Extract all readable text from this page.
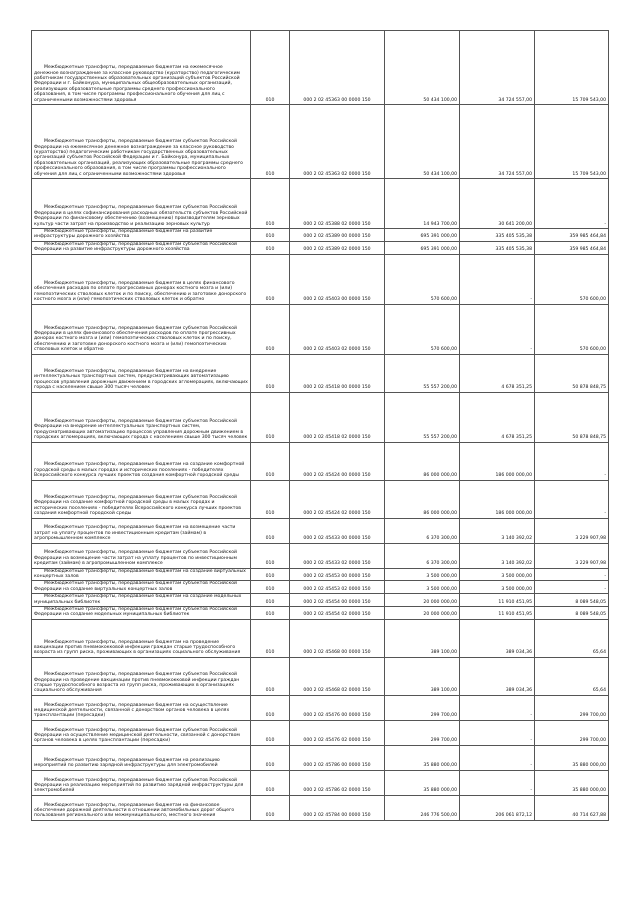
Межбюджетные трансферты, передаваемые бюджетам на ежемесячное денежное вознаграждение за классное руководство (кураторство) педагогическим работникам государственных образовательных организаций субъектов Российской Федерации и г. Байконура, муниципальных общеобразовательных организаций, реализующих образовательные программы среднего профессионального образования, в том числе программы профессионального обучения для лиц с ограниченными возможностями здоровья	010	000 2 02 45363 00 0000 150	50 434 100,00	34 724 557,00	15 709 543,00

Межбюджетные трансферты, передаваемые бюджетам субъектов Российской Федерации на ежемесячное денежное вознаграждение за классное руководство (кураторство) педагогическим работникам государственных образовательных организаций субъектов Российской Федерации и г. Байконура, муниципальных образовательных организаций, реализующих образовательные программы среднего профессионального образования, в том числе программы профессионального обучения для лиц с ограниченными возможностями здоровья	010	000 2 02 45363 02 0000 150	50 434 100,00	34 724 557,00	15 709 543,00

Межбюджетные трансферты, передаваемые бюджетам субъектов Российской Федерации в целях софинансирования расходных обязательств субъектов Российской Федерации по финансовому обеспечению (возмещению) производителям зерновых культур части затрат на производство и реализацию зерновых культур	010	000 2 02 45388 02 0000 150	14 943 700,00	30 641 200,00	-

Межбюджетные трансферты, передаваемые бюджетам на развитие инфраструктуры дорожного хозяйства	010	000 2 02 45389 00 0000 150	695 391 000,00	335 405 535,38	359 985 464,84

Межбюджетные трансферты, передаваемые бюджетам субъектов Российской Федерации на развитие инфраструктуры дорожного хозяйства	010	000 2 02 45389 02 0000 150	695 391 000,00	335 405 535,38	359 985 464,84

Межбюджетные трансферты, передаваемые бюджетам в целях финансового обеспечения расходов по оплате прогрессивных донорах костного мозга и (или) гемопоэтических стволовых клеток и по поиску, обеспечению и заготовке донорского костного мозга и (или) гемопоэтических стволовых клеток и обратно	010	000 2 02 45403 00 0000 150	570 600,00	-	570 600,00

Межбюджетные трансферты, передаваемые бюджетам субъектов Российской Федерации в целях финансового обеспечения расходов по оплате прогрессивных донорах костного мозга и (или) гемопоэтических стволовых клеток и по поиску, обеспечению и заготовке донорского костного мозга и (или) гемопоэтических стволовых клеток и обратно	010	000 2 02 45403 02 0000 150	570 600,00	-	570 600,00

Межбюджетные трансферты, передаваемые бюджетам на внедрение интеллектуальных транспортных систем, предусматривающих автоматизацию процессов управления дорожным движением в городских агломерациях, включающих города с населением свыше 300 тысяч человек	010	000 2 02 45418 00 0000 150	55 557 200,00	4 678 351,25	50 878 848,75

Межбюджетные трансферты, передаваемые бюджетам субъектов Российской Федерации на внедрение интеллектуальных транспортных систем, предусматривающих автоматизацию процессов управления дорожным движением в городских агломерациях, включающих города с населением свыше 300 тысяч человек	010	000 2 02 45418 02 0000 150	55 557 200,00	4 678 351,25	50 878 848,75

Межбюджетные трансферты, передаваемые бюджетам на создание комфортной городской среды в малых городах и исторических поселениях - победителях Всероссийского конкурса лучших проектов создания комфортной городской среды	010	000 2 02 45424 00 0000 150	86 000 000,00	186 000 000,00	-

Межбюджетные трансферты, передаваемые бюджетам субъектов Российской Федерации на создание комфортной городской среды в малых городах и исторических поселениях - победителях Всероссийского конкурса лучших проектов создания комфортной городской среды	010	000 2 02 45424 02 0000 150	86 000 000,00	186 000 000,00	-

Межбюджетные трансферты, передаваемые бюджетам на возмещение части затрат на уплату процентов по инвестиционным кредитам (займам) в агропромышленном комплексе	010	000 2 02 45433 00 0000 150	6 370 300,00	3 140 392,02	3 229 907,98

Межбюджетные трансферты, передаваемые бюджетам субъектов Российской Федерации на возмещение части затрат на уплату процентов по инвестиционным кредитам (займам) в агропромышленном комплексе	010	000 2 02 45433 02 0000 150	6 370 300,00	3 140 392,02	3 229 907,98

Межбюджетные трансферты, передаваемые бюджетам на создание виртуальных концертных залов	010	000 2 02 45453 00 0000 150	3 500 000,00	3 500 000,00	-

Межбюджетные трансферты, передаваемые бюджетам субъектов Российской Федерации на создание виртуальных концертных залов	010	000 2 02 45453 02 0000 150	3 500 000,00	3 500 000,00	-

Межбюджетные трансферты, передаваемые бюджетам на создание модельных муниципальных библиотек	010	000 2 02 45454 00 0000 150	20 000 000,00	11 910 451,95	8 089 548,05

Межбюджетные трансферты, передаваемые бюджетам субъектов Российской Федерации на создание модельных муниципальных библиотек	010	000 2 02 45454 02 0000 150	20 000 000,00	11 910 451,95	8 089 548,05

Межбюджетные трансферты, передаваемые бюджетам на проведение вакцинации против пневмококковой инфекции граждан старше трудоспособного возраста из групп риска, проживающих в организациях социального обслуживания	010	000 2 02 45468 00 0000 150	389 100,00	389 034,36	65,64

Межбюджетные трансферты, передаваемые бюджетам субъектов Российской Федерации на проведение вакцинации против пневмококковой инфекции граждан старше трудоспособного возраста из групп риска, проживающих в организациях социального обслуживания	010	000 2 02 45468 02 0000 150	389 100,00	389 034,36	65,64

Межбюджетные трансферты, передаваемые бюджетам на осуществление медицинской деятельности, связанной с донорством органов человека в целях трансплантации (пересадки)	010	000 2 02 45476 00 0000 150	299 700,00	-	299 700,00

Межбюджетные трансферты, передаваемые бюджетам субъектов Российской Федерации на осуществление медицинской деятельности, связанной с донорством органов человека в целях трансплантации (пересадки)	010	000 2 02 45476 02 0000 150	299 700,00	-	299 700,00

Межбюджетные трансферты, передаваемые бюджетам на реализацию мероприятий по развитию зарядной инфраструктуры для электромобилей	010	000 2 02 45786 00 0000 150	35 880 000,00	-	35 880 000,00

Межбюджетные трансферты, передаваемые бюджетам субъектов Российской Федерации на реализацию мероприятий по развитию зарядной инфраструктуры для электромобилей	010	000 2 02 45786 02 0000 150	35 880 000,00	-	35 880 000,00

Межбюджетные трансферты, передаваемые бюджетам на финансовое обеспечение дорожной деятельности в отношении автомобильных дорог общего пользования регионального или межмуниципального, местного значения	010	000 2 02 45784 00 0000 150	246 776 500,00	206 061 872,12	40 714 627,88
